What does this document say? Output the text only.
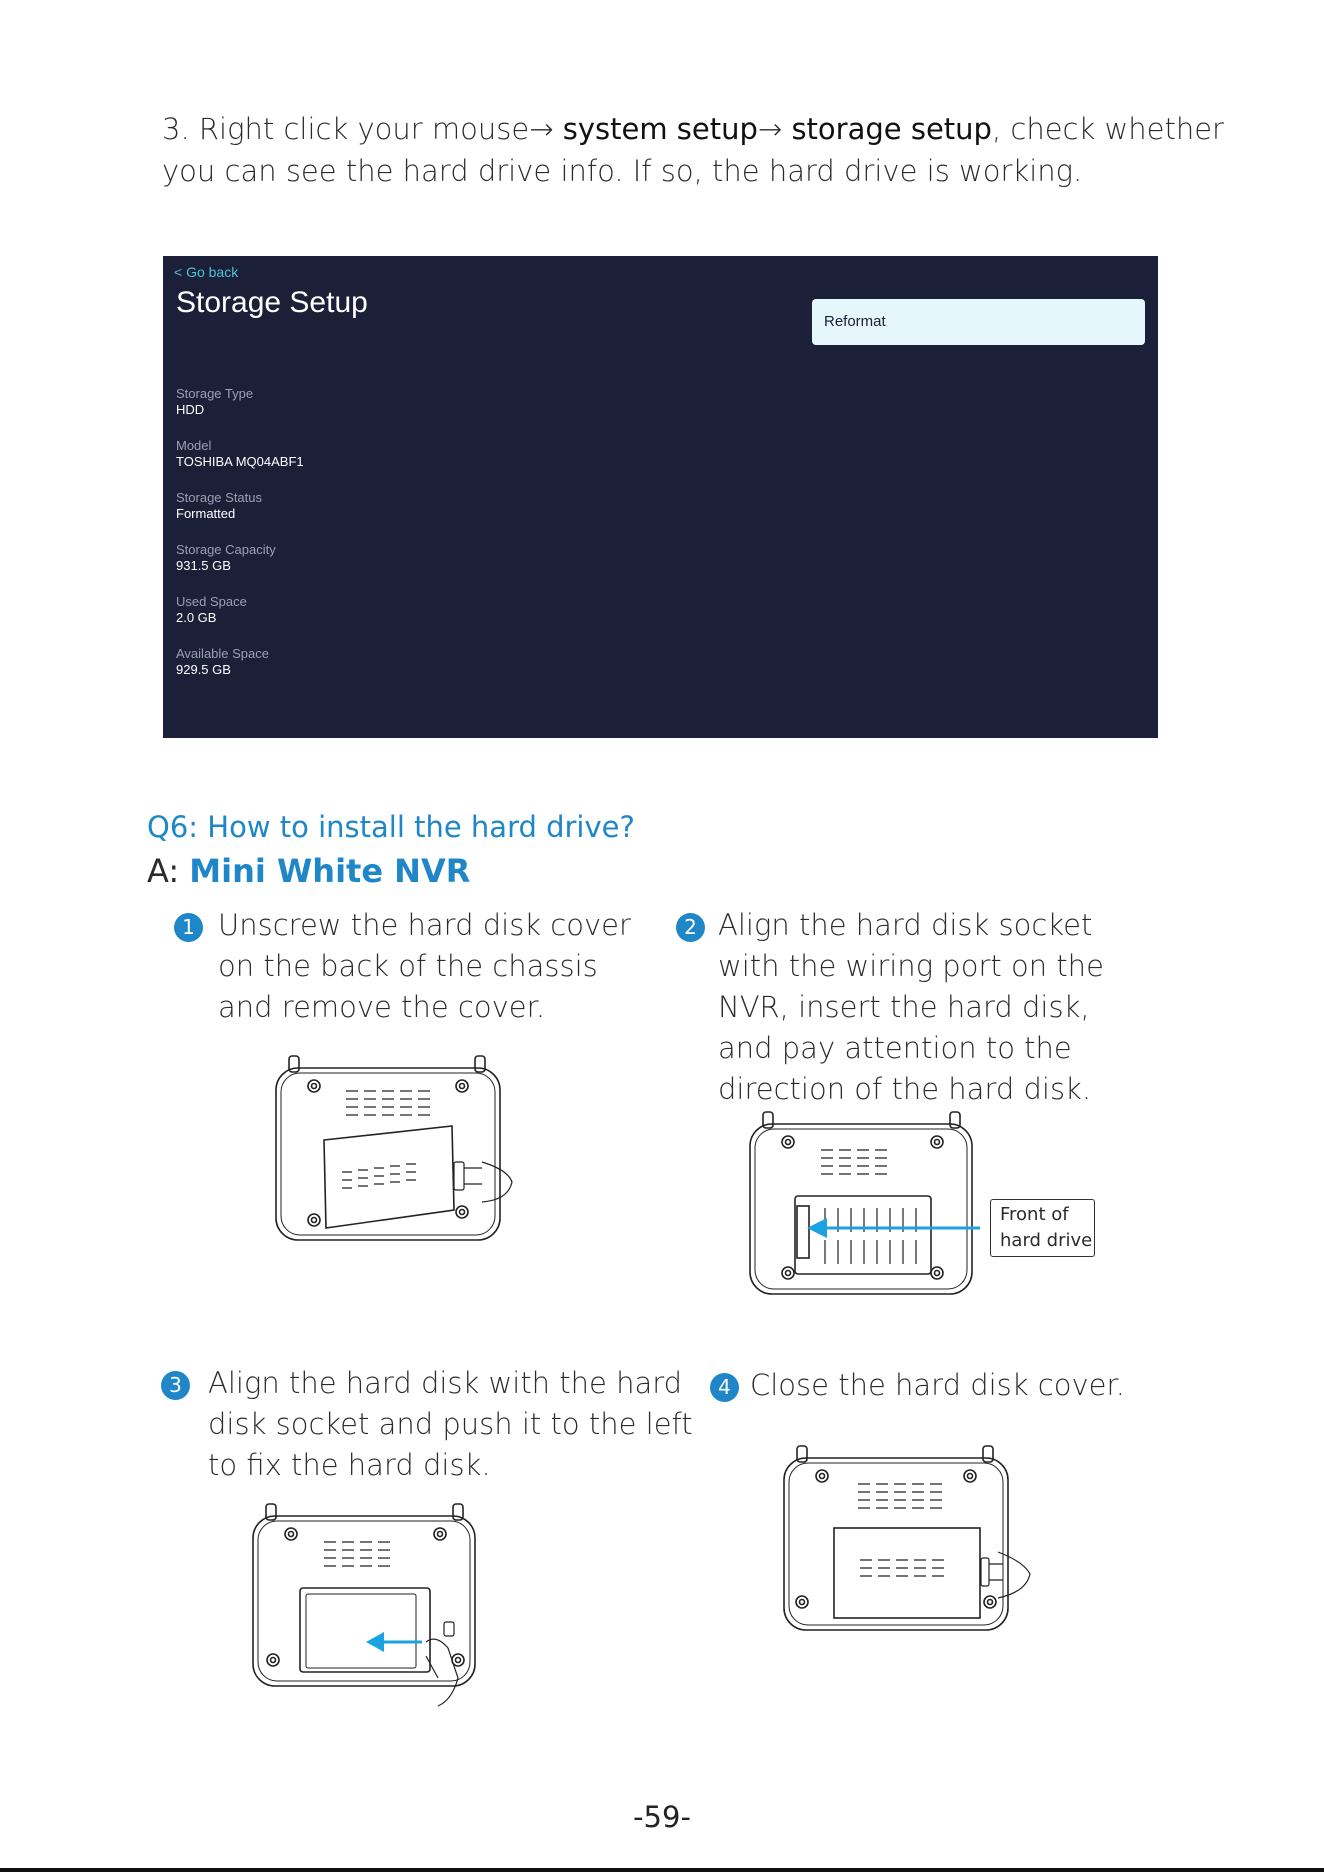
3. Right click your mouse→ system setup→ storage setup, check whether you can see the hard drive info. If so, the hard drive is working.
< Go back
Storage Setup
Reformat
Storage Type
HDD
Model
TOSHIBA MQ04ABF1
Storage Status
Formatted
Storage Capacity
931.5 GB
Used Space
2.0 GB
Available Space
929.5 GB
Q6: How to install the hard drive?
A: Mini White NVR
1 Unscrew the hard disk cover
on the back of the chassis
and remove the cover.
2 Align the hard disk socket
with the wiring port on the
NVR, insert the hard disk,
and pay attention to the
direction of the hard disk.
3 Align the hard disk with the hard
disk socket and push it to the left
to fix the hard disk.
4 Close the hard disk cover.
Front of
hard drive
-59-
